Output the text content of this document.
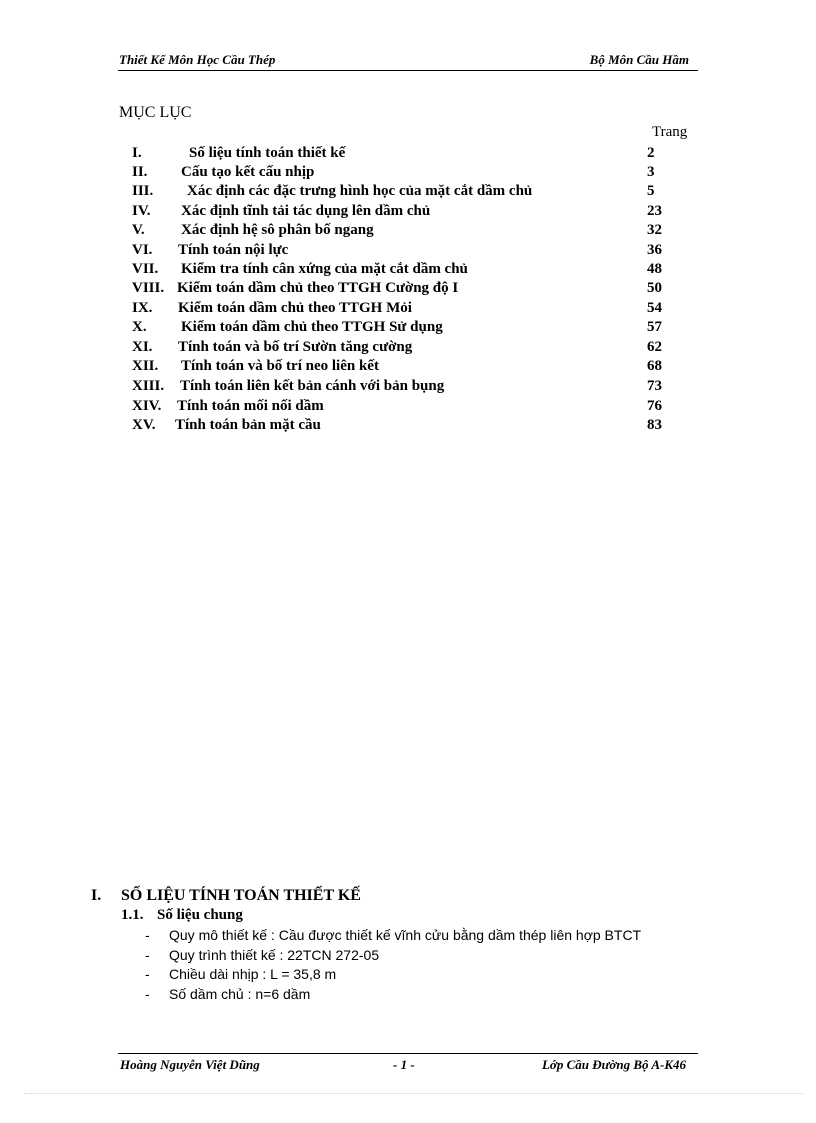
Thiết Kế Môn Học Cầu Thép	Bộ Môn Cầu Hầm
MỤC LỤC
Trang
I.	Số liệu tính toán thiết kế	2
II. Cấu tạo kết cấu nhịp	3
III. Xác định các đặc trưng hình học của mặt cắt dầm chủ	5
IV. Xác định tĩnh tải tác dụng lên dầm chủ	23
V. Xác định hệ sô phân bố ngang	32
VI. Tính toán nội lực	36
VII. Kiểm tra tính cân xứng của mặt cắt dầm chủ	48
VIII. Kiểm toán dầm chủ theo TTGH Cường độ I	50
IX. Kiểm toán dầm chủ theo TTGH Mỏi	54
X. Kiểm toán dầm chủ theo TTGH Sử dụng	57
XI. Tính toán và bố trí Sườn tăng cường	62
XII. Tính toán và bố trí neo liên kết	68
XIII. Tính toán liên kết bản cánh với bản bụng	73
XIV. Tính toán mối nối dầm	76
XV. Tính toán bản mặt cầu	83
I. SỐ LIỆU TÍNH TOÁN THIẾT KẾ
1.1. Số liệu chung
- Quy mô thiết kế : Cầu được thiết kế vĩnh cửu bằng dầm thép liên hợp BTCT
- Quy trình thiết kế : 22TCN 272-05
- Chiều dài nhịp : L = 35,8 m
- Số dầm chủ : n=6 dầm
Hoàng Nguyễn Việt Dũng	- 1 -	Lớp Cầu Đường Bộ A-K46
